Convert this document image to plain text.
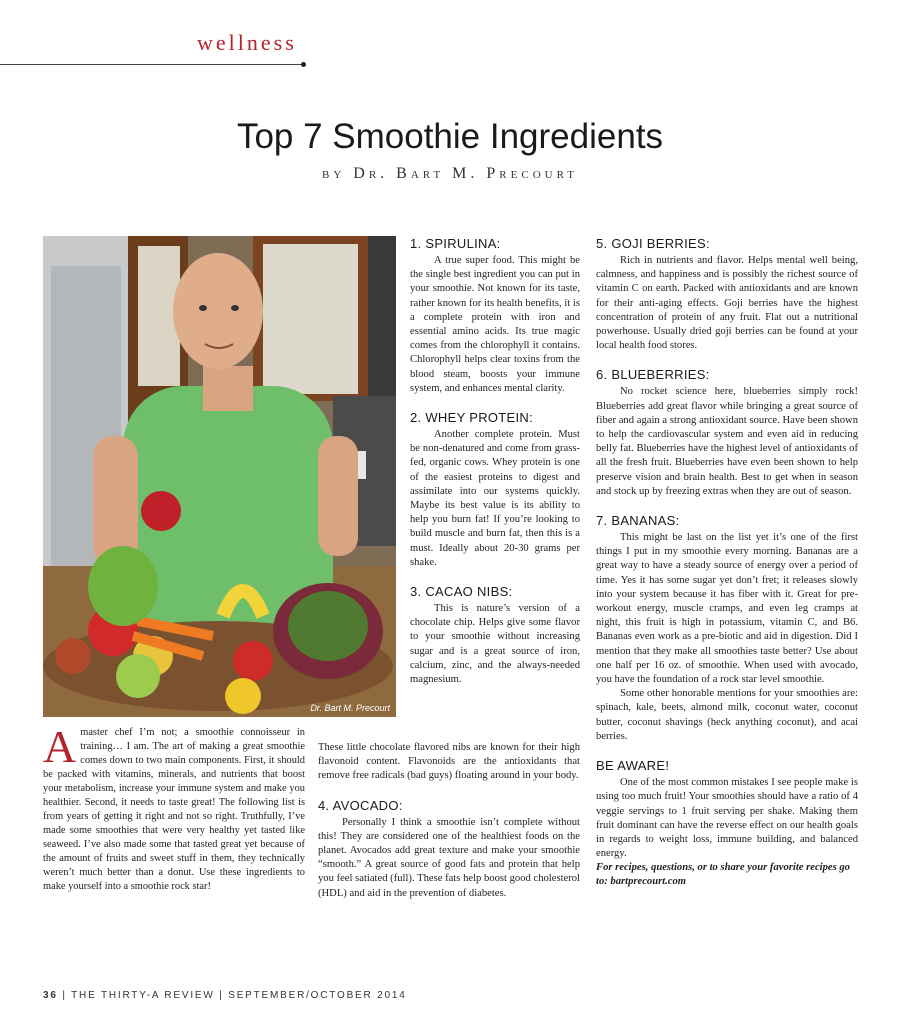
wellness
Top 7 Smoothie Ingredients
by Dr. Bart M. Precourt
Dr. Bart M. Precourt
1. SPIRULINA:

A true super food. This might be the single best ingredient you can put in your smoothie. Not known for its taste, rather known for its health benefits, it is a complete protein with iron and essential amino acids. Its true magic comes from the chlorophyll it contains. Chlorophyll helps clear toxins from the blood steam, boosts your immune system, and enhances mental clarity.

2. WHEY PROTEIN:

Another complete protein. Must be non-denatured and come from grass-fed, organic cows. Whey protein is one of the easiest proteins to digest and assimilate into our systems quickly. Maybe its best value is its ability to help you burn fat! If you’re looking to build muscle and burn fat, then this is a must. Ideally about 20-30 grams per shake.

3. CACAO NIBS:

This is nature’s version of a chocolate chip. Helps give some flavor to your smoothie without increasing sugar and is a great source of iron, calcium, zinc, and the always-needed magnesium.

A master chef I’m not; a smoothie connoisseur in training… I am. The art of making a great smoothie comes down to two main components. First, it should be packed with vitamins, minerals, and nutrients that boost your metabolism, increase your immune system and make you healthier. Second, it needs to taste great! The following list is from years of getting it right and not so right. Truthfully, I’ve made some smoothies that were very healthy yet tasted like seaweed. I’ve also made some that tasted great yet because of the amount of fruits and sweet stuff in them, they technically weren’t much better than a donut. Use these ingredients to make yourself into a smoothie rock star!

These little chocolate flavored nibs are known for their high flavonoid content. Flavonoids are the antioxidants that remove free radicals (bad guys) floating around in your body.

4. AVOCADO:

Personally I think a smoothie isn’t complete without this! They are considered one of the healthiest foods on the planet. Avocados add great texture and make your smoothie “smooth.” A great source of good fats and protein that help you feel satiated (full). These fats help boost good cholesterol (HDL) and aid in the prevention of diabetes.

5. GOJI BERRIES:

Rich in nutrients and flavor. Helps mental well being, calmness, and happiness and is possibly the richest source of vitamin C on earth. Packed with antioxidants and are known for their anti-aging effects. Goji berries have the highest concentration of protein of any fruit. Flat out a nutritional powerhouse. Usually dried goji berries can be found at your local health food stores.

6. BLUEBERRIES:

No rocket science here, blueberries simply rock! Blueberries add great flavor while bringing a great source of fiber and again a strong antioxidant source. Have been shown to help the cardiovascular system and even aid in reducing belly fat. Blueberries have the highest level of antioxidants of all the fresh fruit. Blueberries have even been shown to help preserve vision and brain health. Best to get when in season and stock up by freezing extras when they are out of season.

7. BANANAS:

This might be last on the list yet it’s one of the first things I put in my smoothie every morning. Bananas are a great way to have a steady source of energy over a period of time. Yes it has some sugar yet don’t fret; it releases slowly into your system because it has fiber with it. Great for pre-workout energy, muscle cramps, and even leg cramps at night, this fruit is high in potassium, vitamin C, and B6. Bananas even work as a pre-biotic and aid in digestion. Did I mention that they make all smoothies taste better? Use about one half per 16 oz. of smoothie. When used with avocado, you have the foundation of a rock star level smoothie.

Some other honorable mentions for your smoothies are: spinach, kale, beets, almond milk, coconut water, coconut butter, coconut shavings (heck anything coconut), and acai berries.

BE AWARE!

One of the most common mistakes I see people make is using too much fruit! Your smoothies should have a ratio of 4 veggie servings to 1 fruit serving per shake. Making them fruit dominant can have the reverse effect on our health goals in regards to weight loss, immune building, and balanced energy.

For recipes, questions, or to share your favorite recipes go to: bartprecourt.com

36 | THE THIRTY-A REVIEW | SEPTEMBER/OCTOBER 2014
